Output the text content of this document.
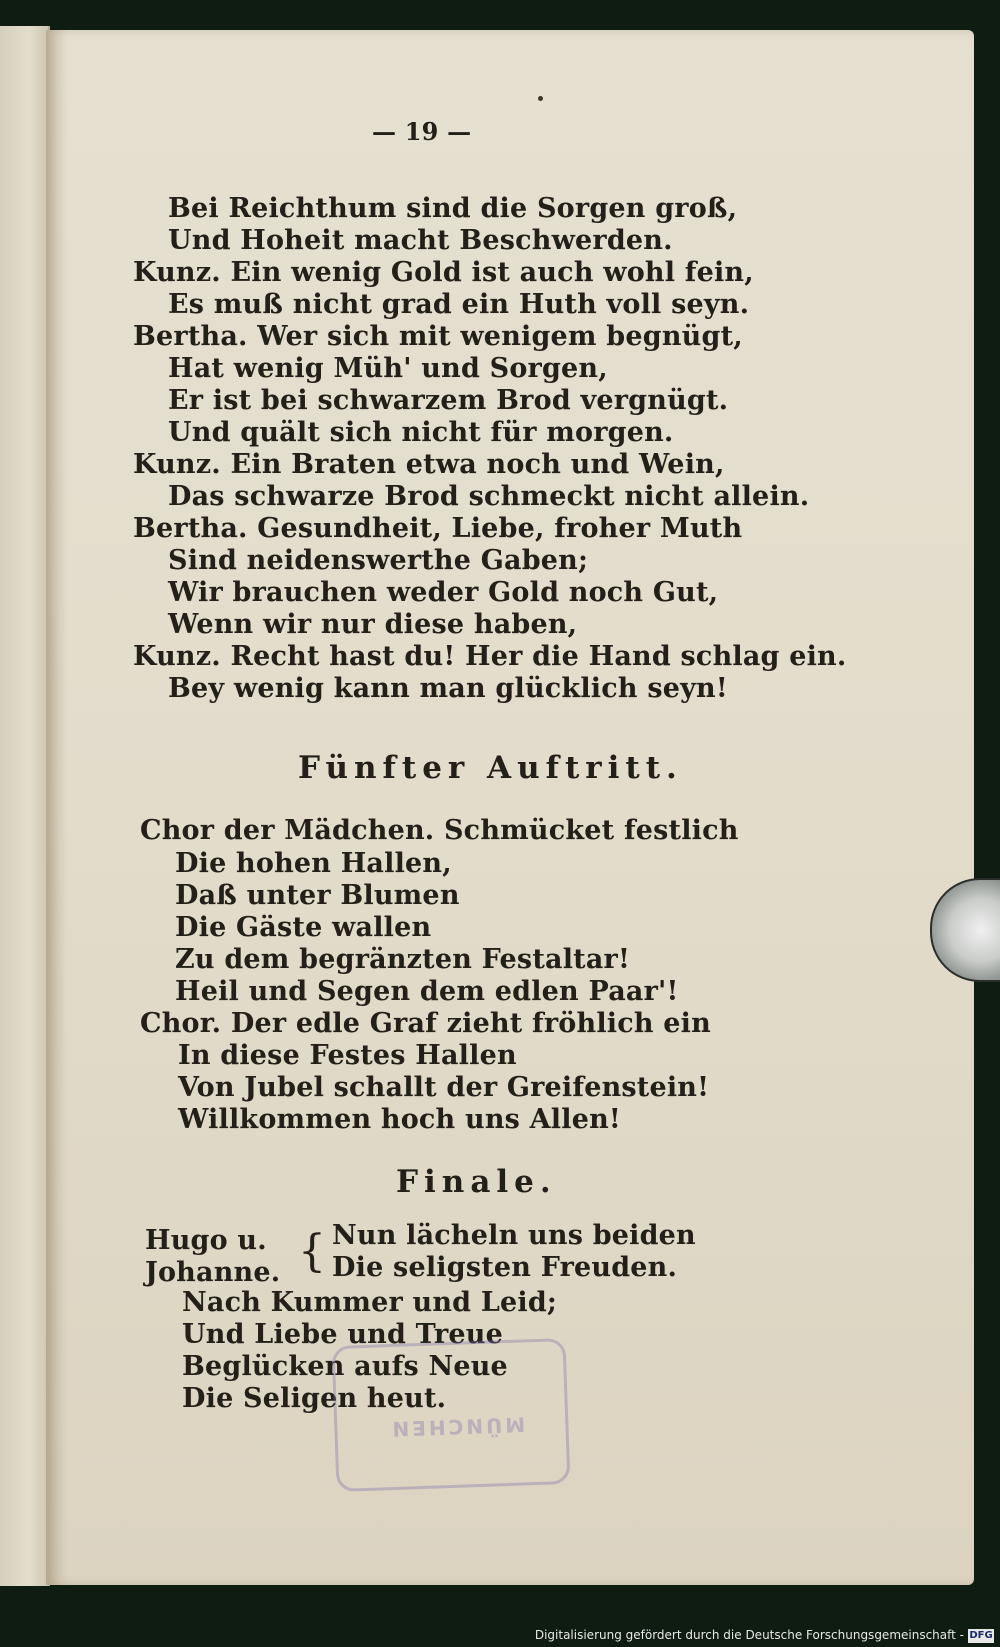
— 19 —
Bei Reichthum sind die Sorgen groß,
Und Hoheit macht Beschwerden.
Kunz. Ein wenig Gold ist auch wohl fein,
Es muß nicht grad ein Huth voll seyn.
Bertha. Wer sich mit wenigem begnügt,
Hat wenig Müh' und Sorgen,
Er ist bei schwarzem Brod vergnügt.
Und quält sich nicht für morgen.
Kunz. Ein Braten etwa noch und Wein,
Das schwarze Brod schmeckt nicht allein.
Bertha. Gesundheit, Liebe, froher Muth
Sind neidenswerthe Gaben;
Wir brauchen weder Gold noch Gut,
Wenn wir nur diese haben,
Kunz. Recht hast du! Her die Hand schlag ein.
Bey wenig kann man glücklich seyn!
Fünfter Auftritt.
Chor der Mädchen. Schmücket festlich
Die hohen Hallen,
Daß unter Blumen
Die Gäste wallen
Zu dem begränzten Festaltar!
Heil und Segen dem edlen Paar'!
Chor. Der edle Graf zieht fröhlich ein
In diese Festes Hallen
Von Jubel schallt der Greifenstein!
Willkommen hoch uns Allen!
Finale.
Hugo u.
Johanne. { Nun lächeln uns beiden
Die seligsten Freuden.
Nach Kummer und Leid;
Und Liebe und Treue
Beglücken aufs Neue
Die Seligen heut.
MÜNCHEN
Digitalisierung gefördert durch die Deutsche Forschungsgemeinschaft - DFG
